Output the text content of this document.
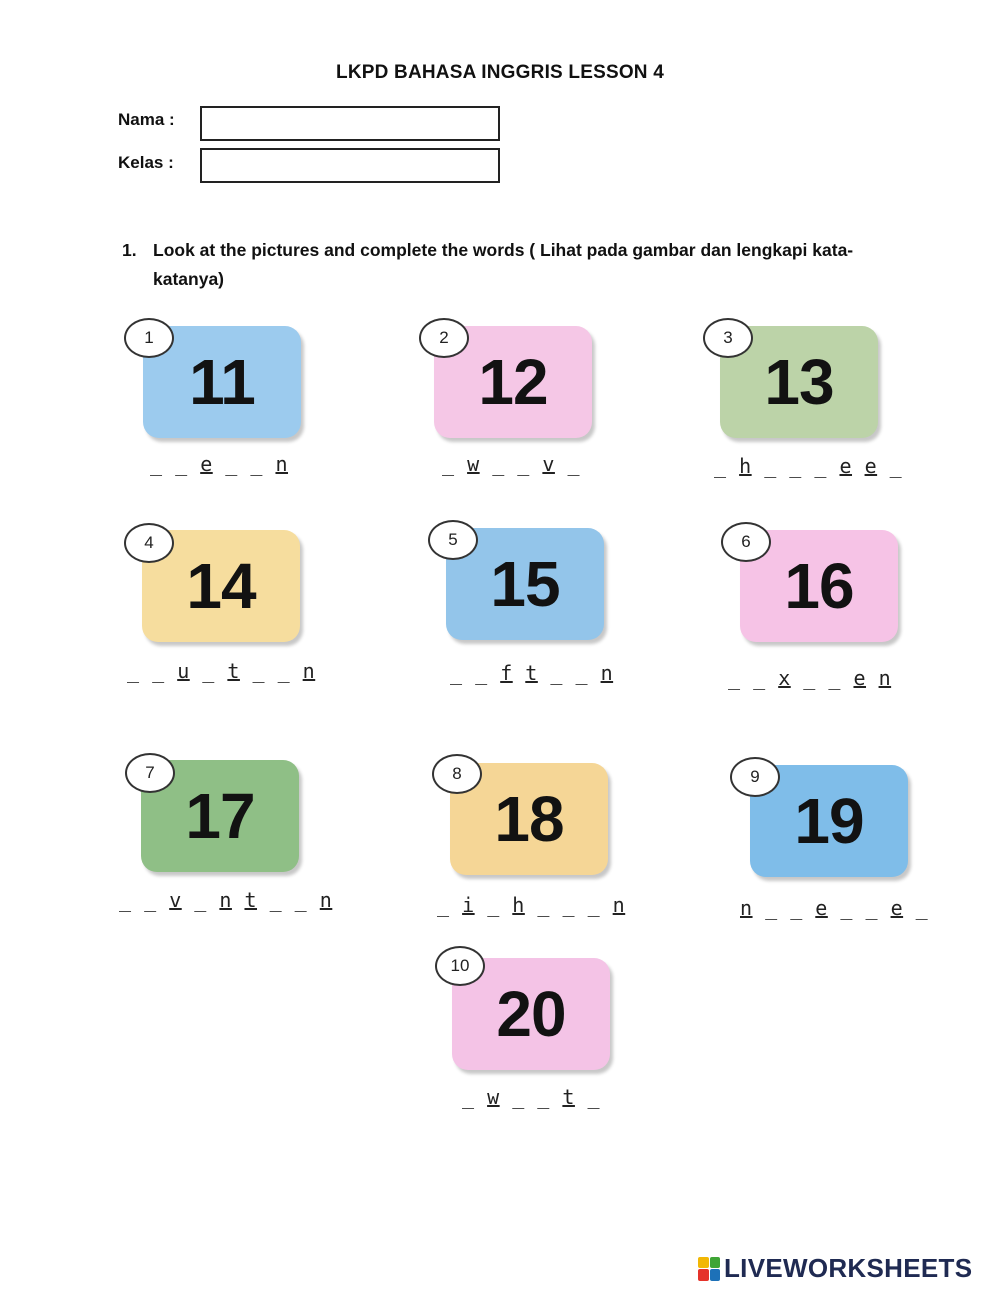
LKPD BAHASA INGGRIS LESSON 4
Nama :
Kelas :
1. Look at the pictures and complete the words ( Lihat pada gambar dan lengkapi kata-katanya)
11
1
_ _ e _ _ n
12
2
_ w _ _ v _
13
3
_ h _ _ _ e e _
14
4
_ _ u _ t _ _ n
15
5
_ _ f t _ _ n
16
6
_ _ x _ _ e n
17
7
_ _ v _ n t _ _ n
18
8
_ i _ h _ _ _ n
19
9
n _ _ e _ _ e _
20
10
_ w _ _ t _
LIVEWORKSHEETS
